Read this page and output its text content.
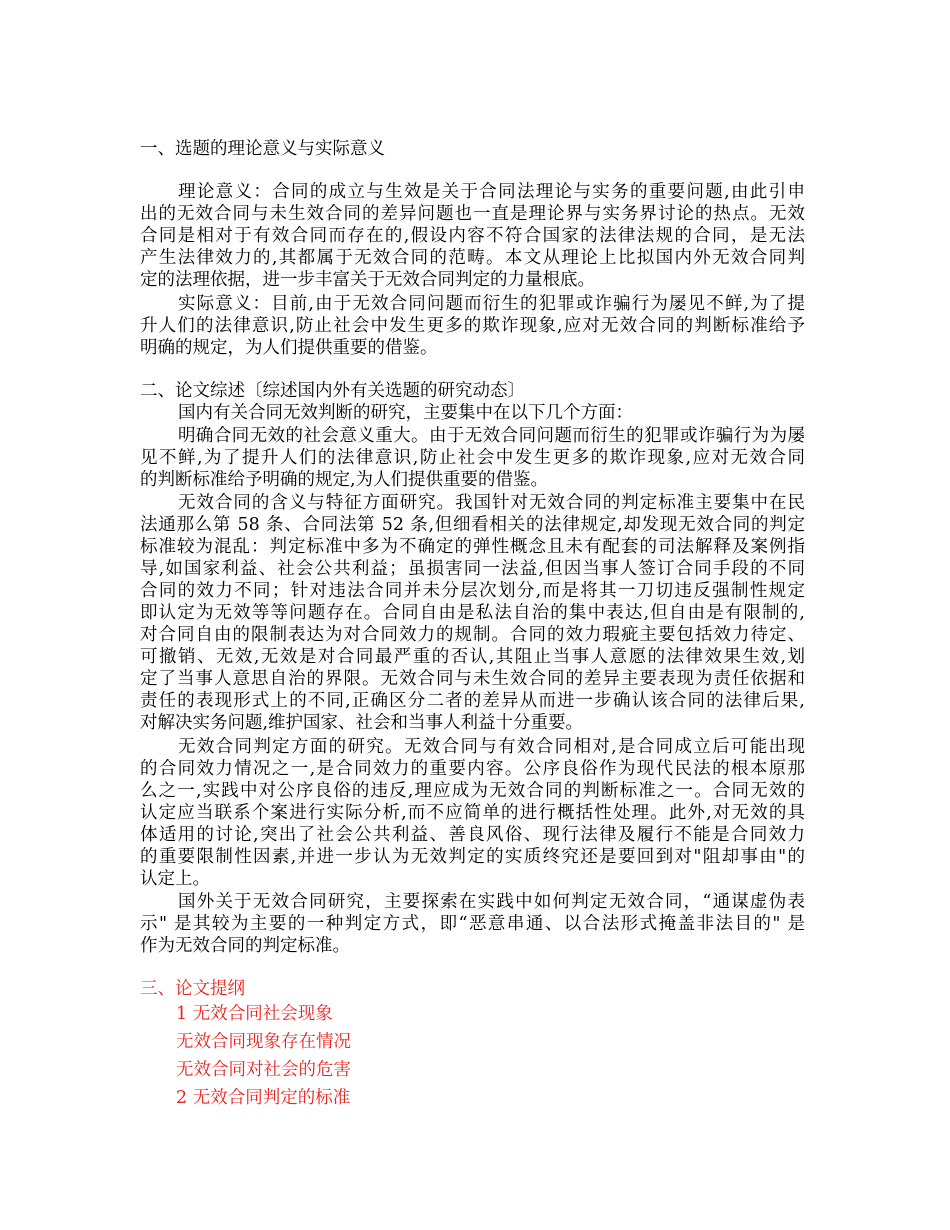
一、选题的理论意义与实际意义
理论意义：合同的成立与生效是关于合同法理论与实务的重要问题,由此引申
出的无效合同与未生效合同的差异问题也一直是理论界与实务界讨论的热点。无效
合同是相对于有效合同而存在的,假设内容不符合国家的法律法规的合同，是无法
产生法律效力的,其都属于无效合同的范畴。本文从理论上比拟国内外无效合同判
定的法理依据，进一步丰富关于无效合同判定的力量根底。
实际意义：目前,由于无效合同问题而衍生的犯罪或诈骗行为屡见不鲜,为了提
升人们的法律意识,防止社会中发生更多的欺诈现象,应对无效合同的判断标准给予
明确的规定，为人们提供重要的借鉴。
二、论文综述〔综述国内外有关选题的研究动态〕
国内有关合同无效判断的研究，主要集中在以下几个方面：
明确合同无效的社会意义重大。由于无效合同问题而衍生的犯罪或诈骗行为为屡
见不鲜,为了提升人们的法律意识,防止社会中发生更多的欺诈现象,应对无效合同
的判断标准给予明确的规定,为人们提供重要的借鉴。
无效合同的含义与特征方面研究。我国针对无效合同的判定标准主要集中在民
法通那么第 58 条、合同法第 52 条,但细看相关的法律规定,却发现无效合同的判定
标准较为混乱：判定标准中多为不确定的弹性概念且未有配套的司法解释及案例指
导,如国家利益、社会公共利益；虽损害同一法益,但因当事人签订合同手段的不同
合同的效力不同；针对违法合同并未分层次划分,而是将其一刀切违反强制性规定
即认定为无效等等问题存在。合同自由是私法自治的集中表达,但自由是有限制的,
对合同自由的限制表达为对合同效力的规制。合同的效力瑕疵主要包括效力待定、
可撤销、无效,无效是对合同最严重的否认,其阻止当事人意愿的法律效果生效,划
定了当事人意思自治的界限。无效合同与未生效合同的差异主要表现为责任依据和
责任的表现形式上的不同,正确区分二者的差异从而进一步确认该合同的法律后果,
对解决实务问题,维护国家、社会和当事人利益十分重要。
无效合同判定方面的研究。无效合同与有效合同相对,是合同成立后可能出现
的合同效力情况之一,是合同效力的重要内容。公序良俗作为现代民法的根本原那
么之一,实践中对公序良俗的违反,理应成为无效合同的判断标准之一。合同无效的
认定应当联系个案进行实际分析,而不应简单的进行概括性处理。此外,对无效的具
体适用的讨论,突出了社会公共利益、善良风俗、现行法律及履行不能是合同效力
的重要限制性因素,并进一步认为无效判定的实质终究还是要回到对"阻却事由"的
认定上。
国外关于无效合同研究，主要探索在实践中如何判定无效合同，“通谋虚伪表
示" 是其较为主要的一种判定方式，即“恶意串通、以合法形式掩盖非法目的" 是
作为无效合同的判定标准。
三、论文提纲
1 无效合同社会现象
无效合同现象存在情况
无效合同对社会的危害
2 无效合同判定的标准
